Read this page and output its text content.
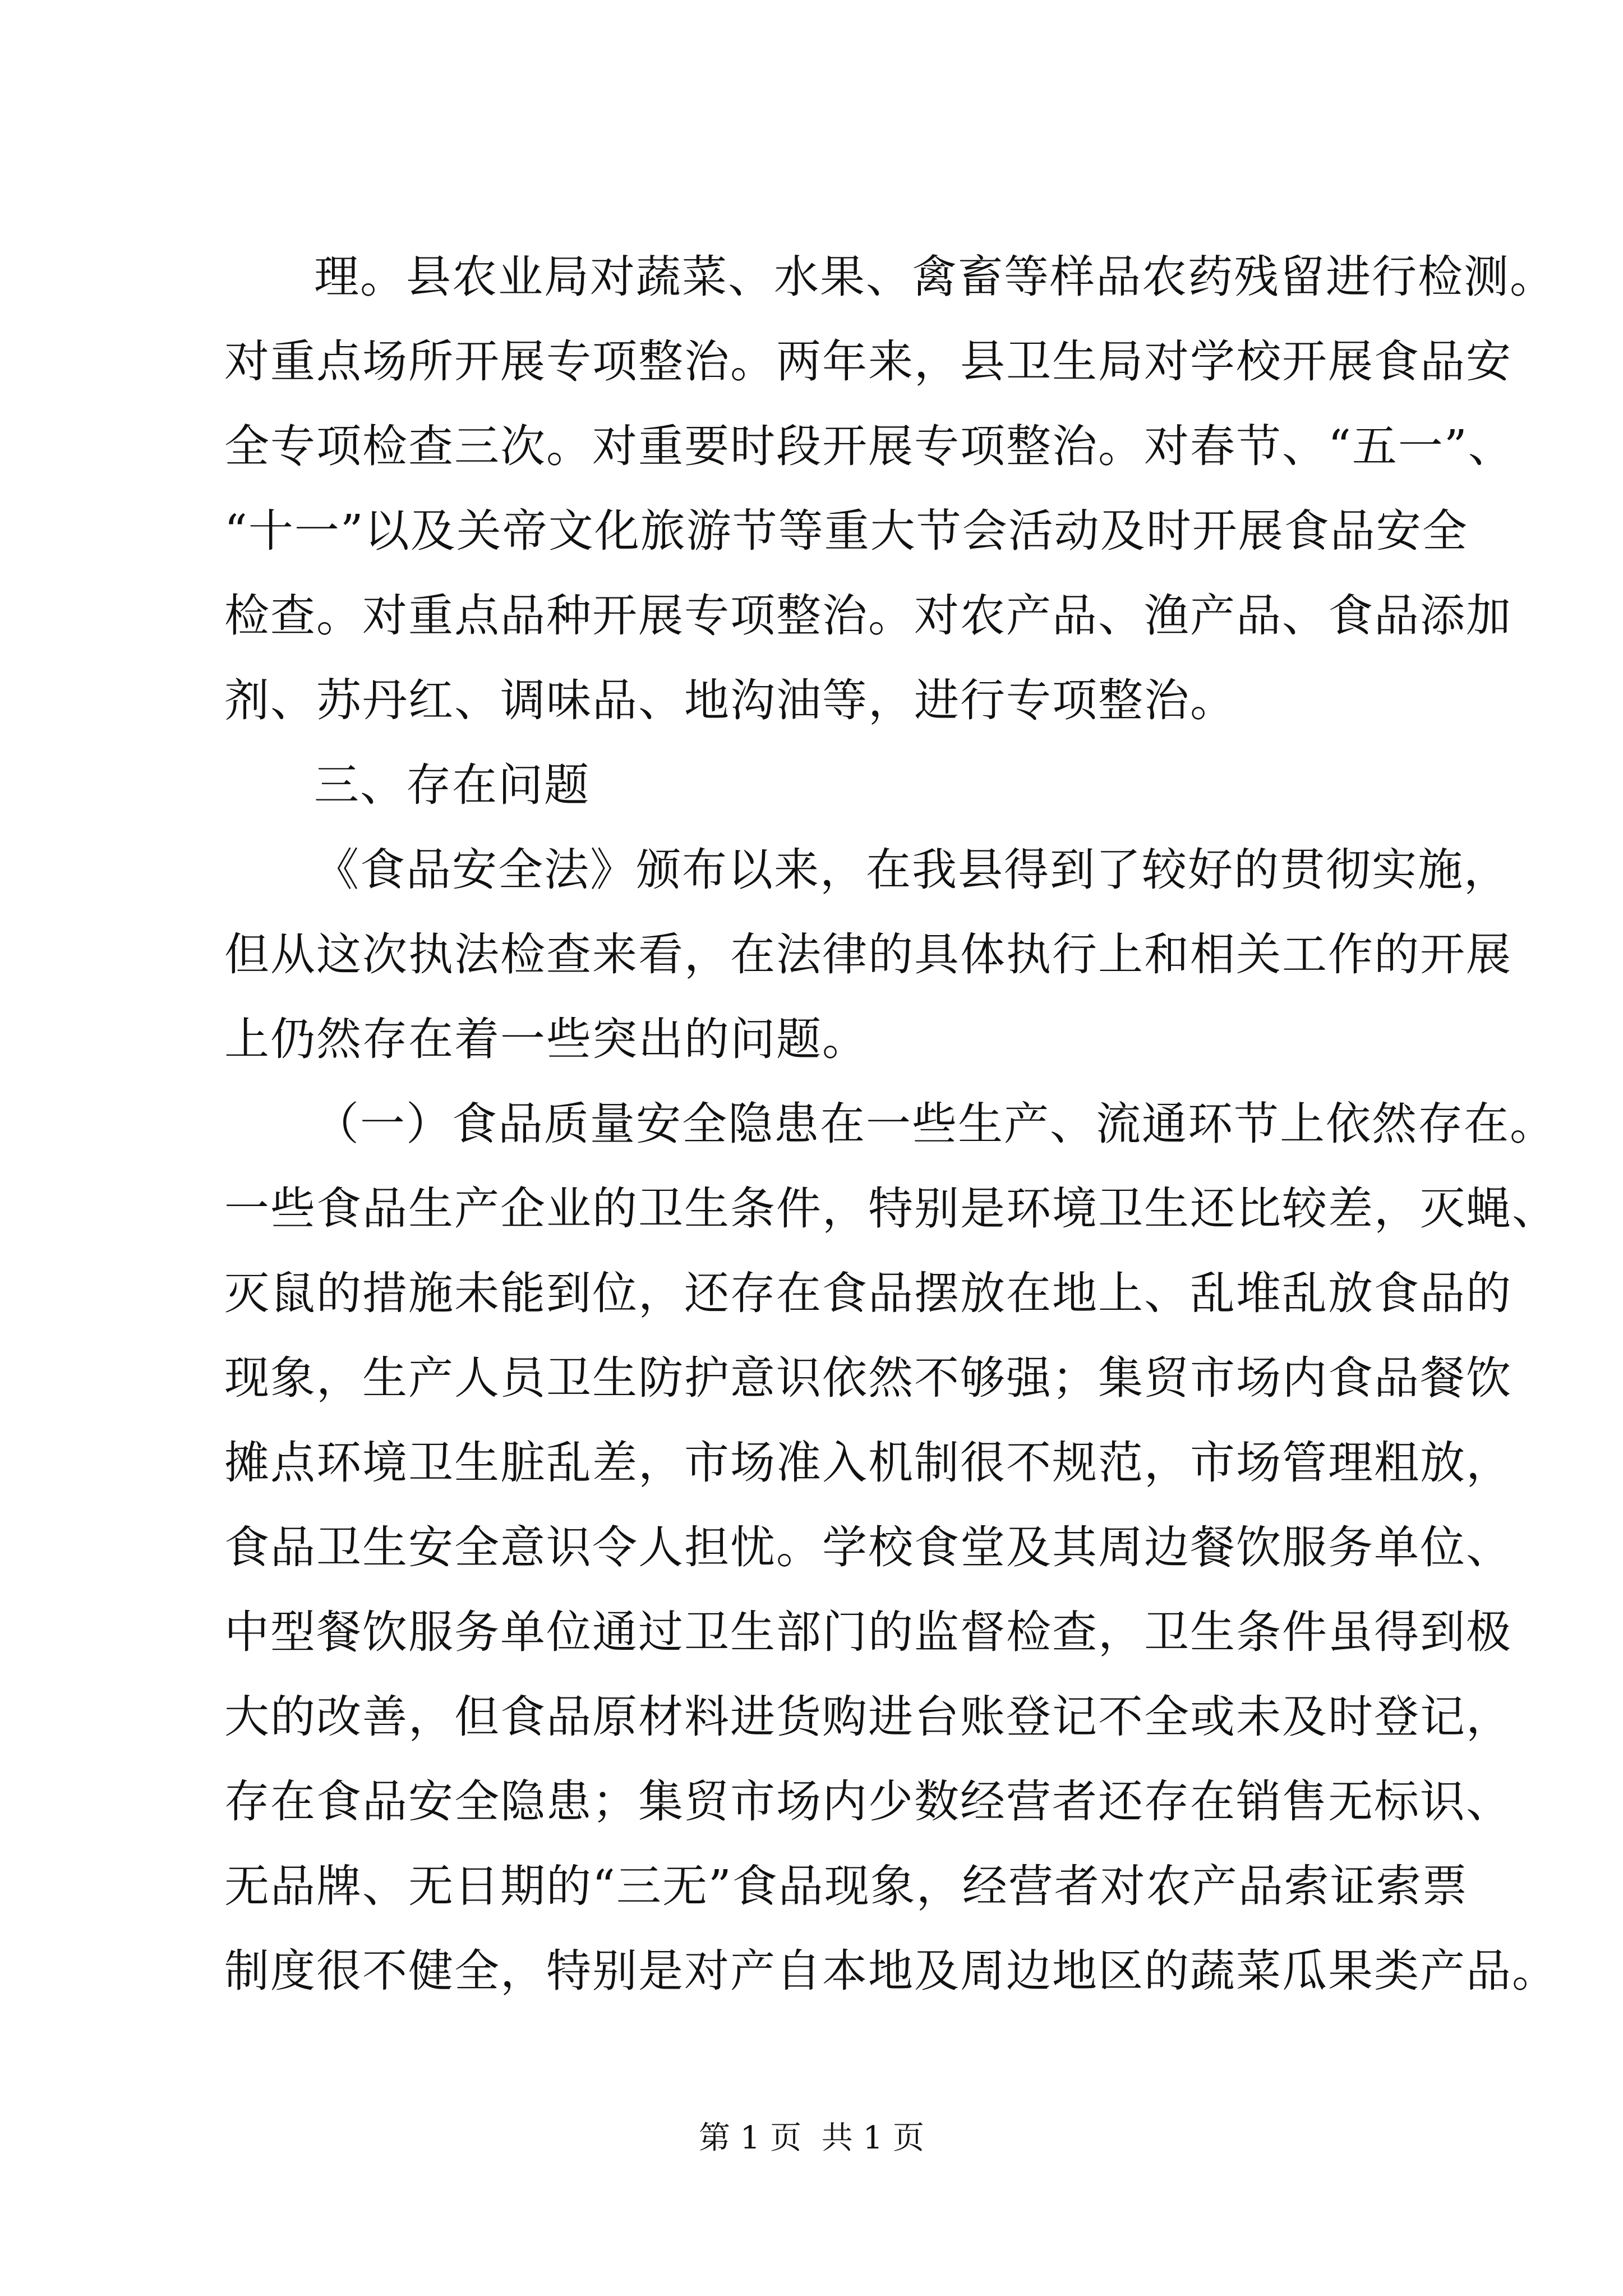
理。县农业局对蔬菜、水果、禽畜等样品农药残留进行检测。
对重点场所开展专项整治。两年来，县卫生局对学校开展食品安
全专项检查三次。对重要时段开展专项整治。对春节、“五一”、
“十一”以及关帝文化旅游节等重大节会活动及时开展食品安全
检查。对重点品种开展专项整治。对农产品、渔产品、食品添加
剂、苏丹红、调味品、地沟油等，进行专项整治。
三、存在问题
《食品安全法》颁布以来，在我县得到了较好的贯彻实施，
但从这次执法检查来看，在法律的具体执行上和相关工作的开展
上仍然存在着一些突出的问题。
（一）食品质量安全隐患在一些生产、流通环节上依然存在。
一些食品生产企业的卫生条件，特别是环境卫生还比较差，灭蝇、
灭鼠的措施未能到位，还存在食品摆放在地上、乱堆乱放食品的
现象，生产人员卫生防护意识依然不够强；集贸市场内食品餐饮
摊点环境卫生脏乱差，市场准入机制很不规范，市场管理粗放，
食品卫生安全意识令人担忧。学校食堂及其周边餐饮服务单位、
中型餐饮服务单位通过卫生部门的监督检查，卫生条件虽得到极
大的改善，但食品原材料进货购进台账登记不全或未及时登记，
存在食品安全隐患；集贸市场内少数经营者还存在销售无标识、
无品牌、无日期的“三无”食品现象，经营者对农产品索证索票
制度很不健全，特别是对产自本地及周边地区的蔬菜瓜果类产品。
第 1 页  共 1 页
